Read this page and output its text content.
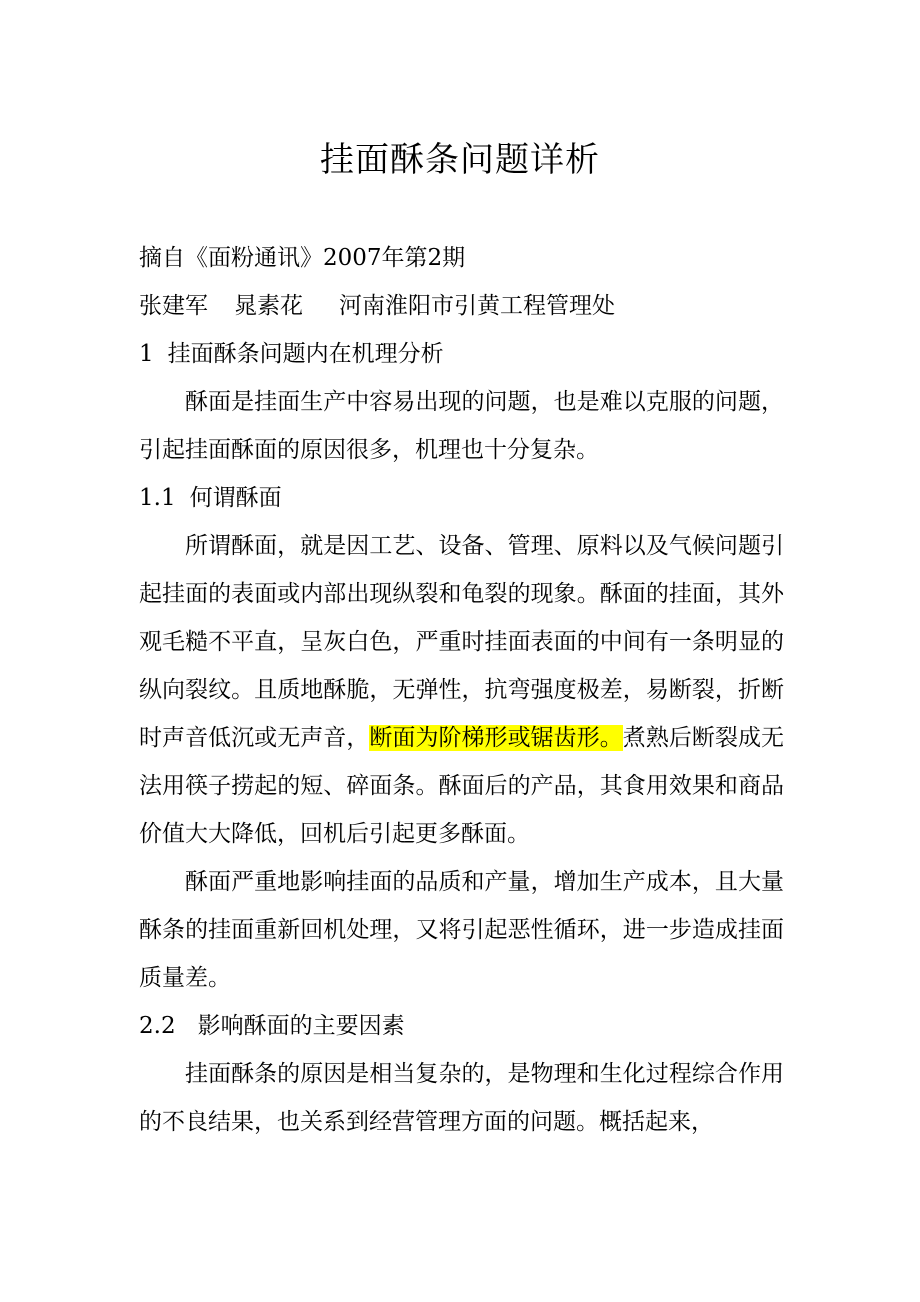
挂面酥条问题详析
摘自《面粉通讯》2007年第2期
张建军 晁素花 河南淮阳市引黄工程管理处
1 挂面酥条问题内在机理分析

酥面是挂面生产中容易出现的问题，也是难以克服的问题，引起挂面酥面的原因很多，机理也十分复杂。

1.1 何谓酥面

所谓酥面，就是因工艺、设备、管理、原料以及气候问题引起挂面的表面或内部出现纵裂和龟裂的现象。酥面的挂面，其外观毛糙不平直，呈灰白色，严重时挂面表面的中间有一条明显的纵向裂纹。且质地酥脆，无弹性，抗弯强度极差，易断裂，折断时声音低沉或无声音，断面为阶梯形或锯齿形。煮熟后断裂成无法用筷子捞起的短、碎面条。酥面后的产品，其食用效果和商品价值大大降低，回机后引起更多酥面。

酥面严重地影响挂面的品质和产量，增加生产成本，且大量酥条的挂面重新回机处理，又将引起恶性循环，进一步造成挂面质量差。

2.2 影响酥面的主要因素

挂面酥条的原因是相当复杂的，是物理和生化过程综合作用的不良结果，也关系到经营管理方面的问题。概括起来，
